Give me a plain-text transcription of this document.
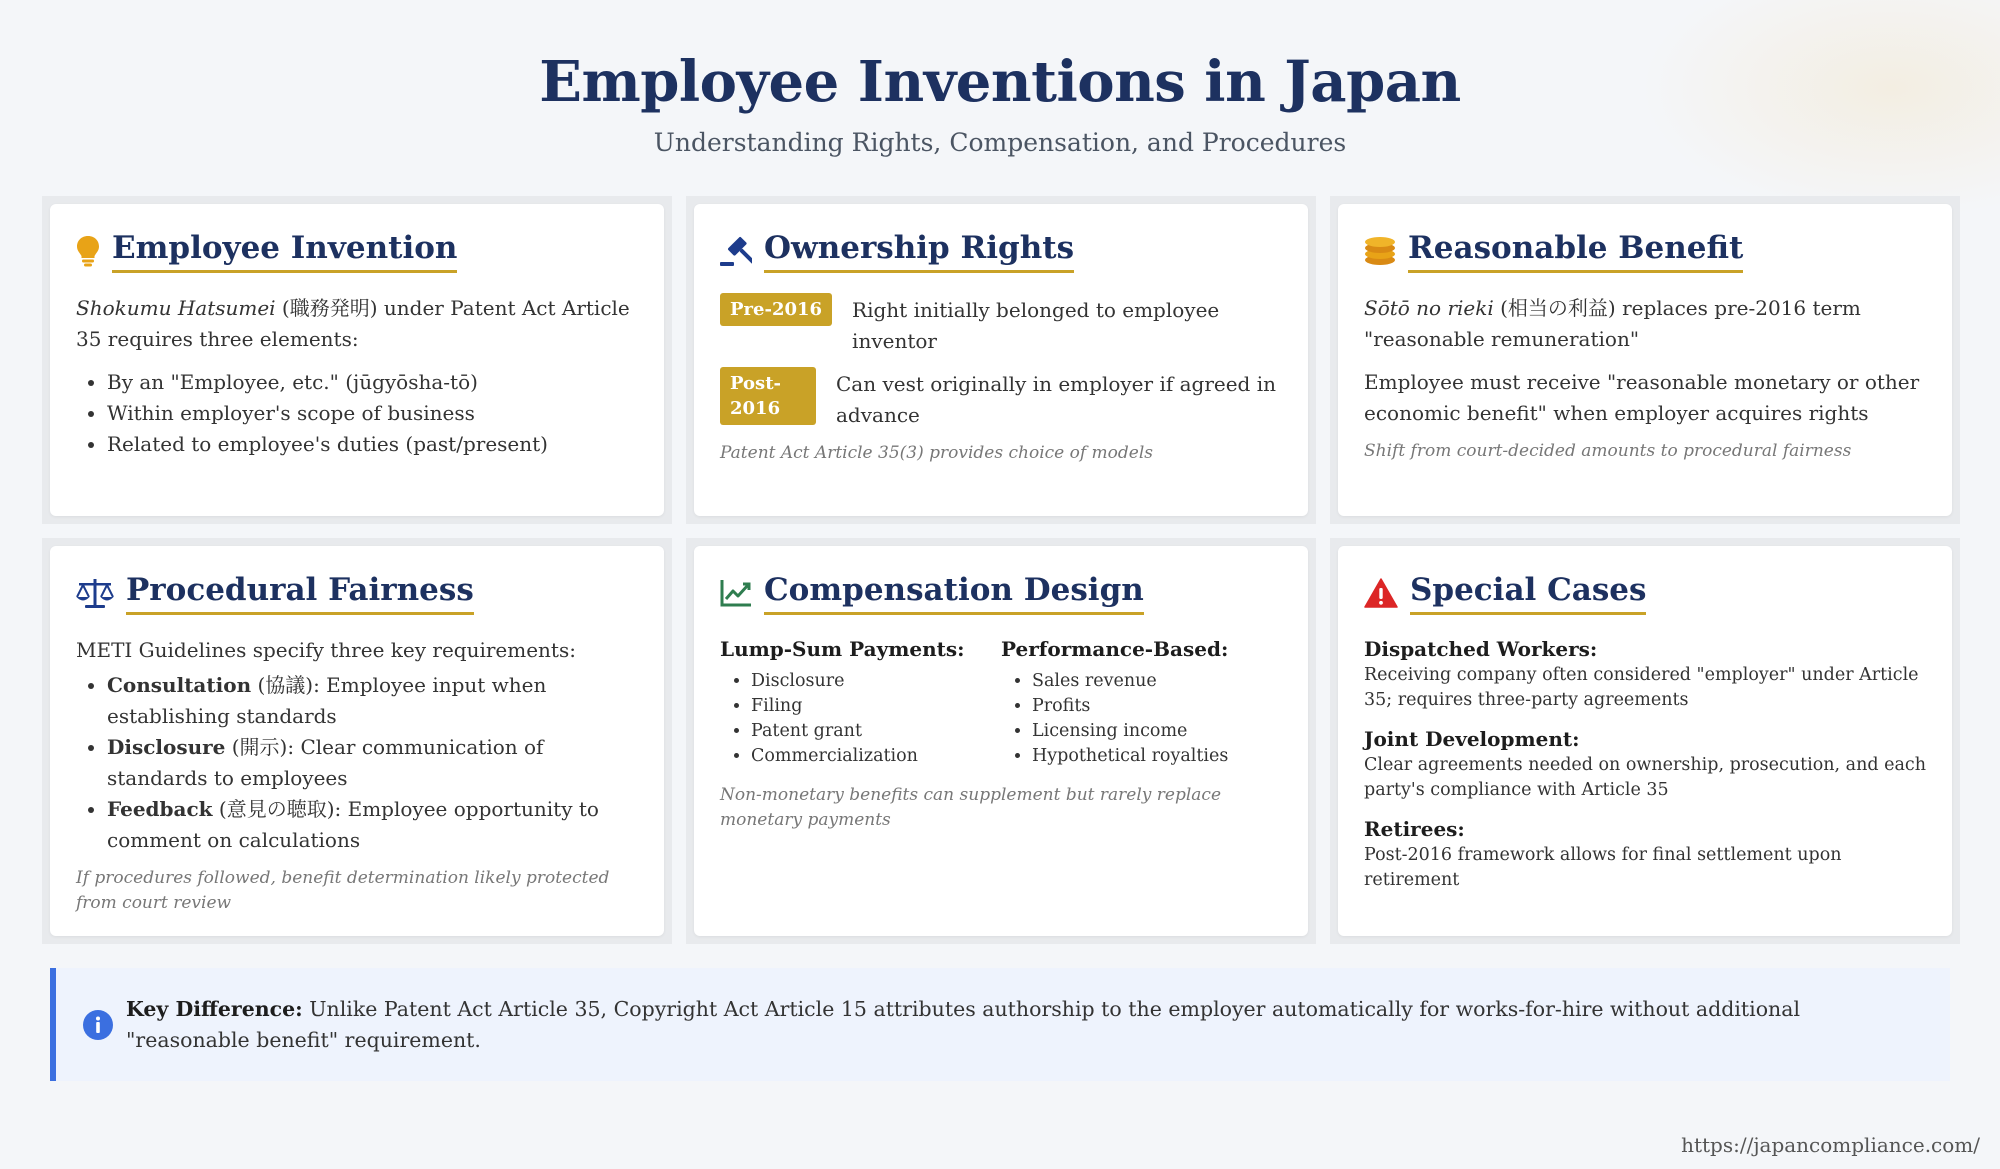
Employee Inventions in Japan
Understanding Rights, Compensation, and Procedures
Employee Invention
Shokumu Hatsumei (職務発明) under Patent Act Article 35 requires three elements:
• By an "Employee, etc." (jūgyōsha-tō)
• Within employer's scope of business
• Related to employee's duties (past/present)
Ownership Rights
Pre-2016	Right initially belonged to employee inventor
Post-2016
Can vest originally in employer if agreed in advance
Patent Act Article 35(3) provides choice of models
Reasonable Benefit
Sōtō no rieki (相当の利益) replaces pre-2016 term "reasonable remuneration"
Employee must receive "reasonable monetary or other economic benefit" when employer acquires rights
Shift from court-decided amounts to procedural fairness
Procedural Fairness
METI Guidelines specify three key requirements:
• Consultation (協議): Employee input when establishing standards
• Disclosure (開示): Clear communication of standards to employees
• Feedback (意見の聴取): Employee opportunity to comment on calculations
If procedures followed, benefit determination likely protected from court review
Compensation Design
Lump-Sum Payments:
• Disclosure
• Filing
• Patent grant
• Commercialization
Performance-Based:
• Sales revenue
• Profits
• Licensing income
• Hypothetical royalties
Non-monetary benefits can supplement but rarely replace monetary payments
Special Cases
Dispatched Workers:
Receiving company often considered "employer" under Article 35; requires three-party agreements
Joint Development:
Clear agreements needed on ownership, prosecution, and each party's compliance with Article 35
Retirees:
Post-2016 framework allows for final settlement upon retirement
Key Difference: Unlike Patent Act Article 35, Copyright Act Article 15 attributes authorship to the employer automatically for works-for-hire without additional "reasonable benefit" requirement.
https://japancompliance.com/
